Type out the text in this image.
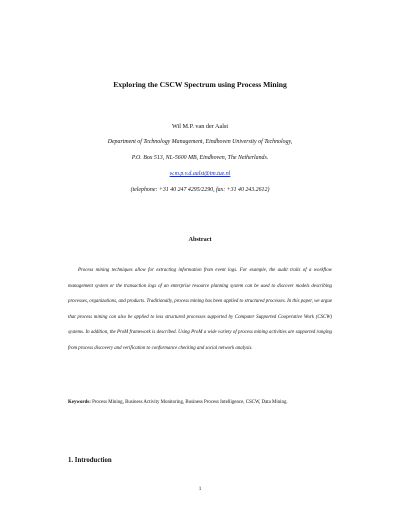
Exploring the CSCW Spectrum using Process Mining
Wil M.P. van der Aalst
Department of Technology Management, Eindhoven University of Technology,
P.O. Box 513, NL-5600 MB, Eindhoven, The Netherlands.
w.m.p.v.d.aalst@tm.tue.nl
(telephone: +31 40 247 4295/2290, fax: +31 40 243.2612)
Abstract

Process mining techniques allow for extracting information from event logs. For example, the audit trails of a workflow management system or the transaction logs of an enterprise resource planning system can be used to discover models describing processes, organizations, and products. Traditionally, process mining has been applied to structured processes. In this paper, we argue that process mining can also be applied to less structured processes supported by Computer Supported Cooperative Work (CSCW) systems. In addition, the ProM framework is described. Using ProM a wide variety of process mining activities are supported ranging from process discovery and verification to conformance checking and social network analysis.

Keywords: Process Mining, Business Activity Monitoring, Business Process Intelligence, CSCW, Data Mining.

1. Introduction
1
